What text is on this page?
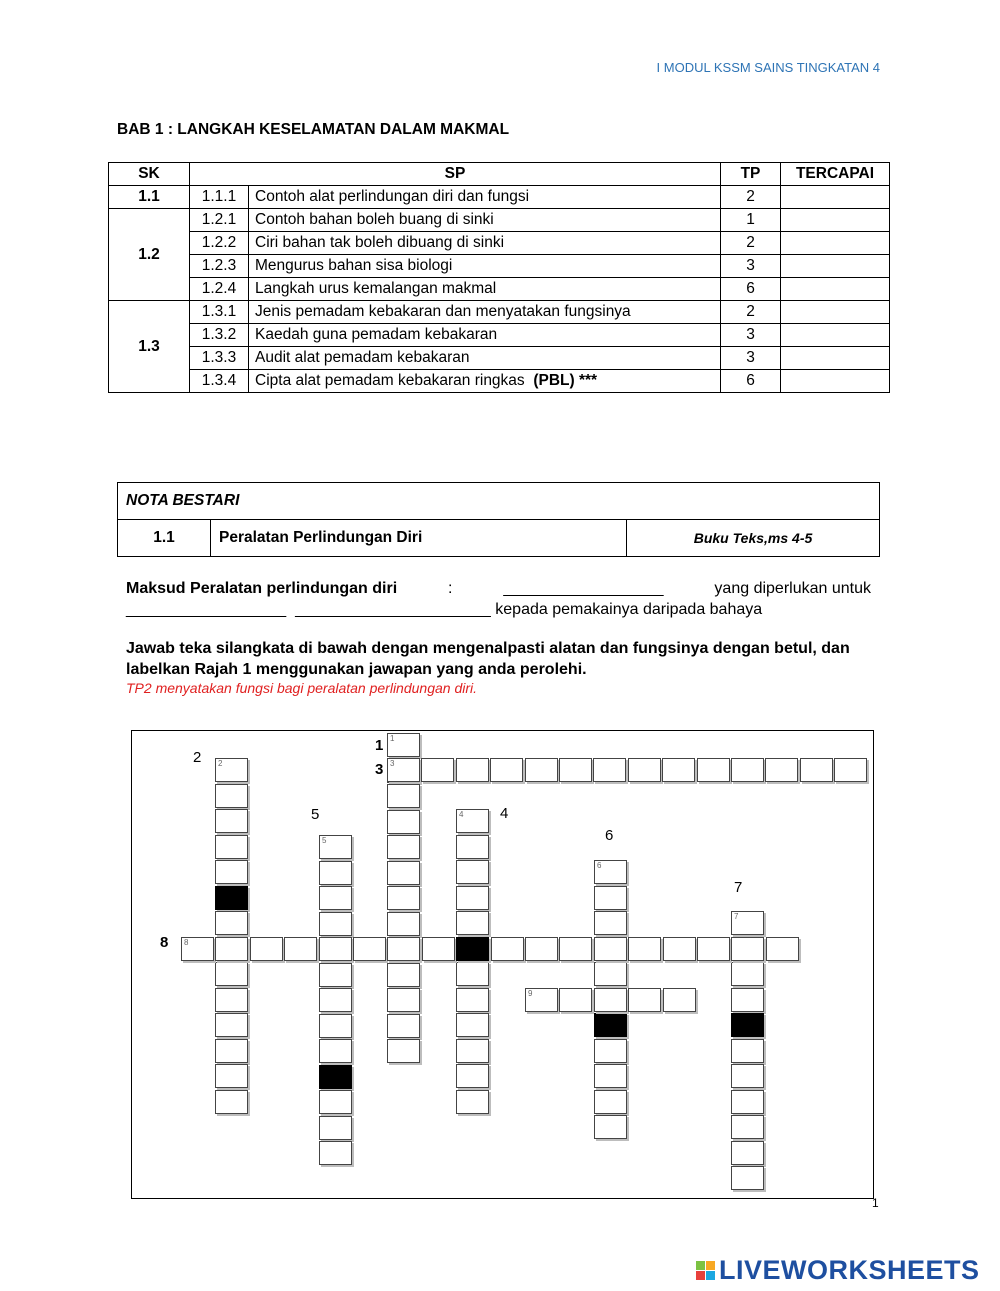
I MODUL KSSM SAINS TINGKATAN 4
BAB 1 : LANGKAH KESELAMATAN DALAM MAKMAL
SK	SP		TP	TERCAPAI
1.1	1.1.1	Contoh alat perlindungan diri dan fungsi	2	
1.2	1.2.1	Contoh bahan boleh buang di sinki	1	
	1.2.2	Ciri bahan tak boleh dibuang di sinki	2	
	1.2.3	Mengurus bahan sisa biologi	3	
	1.2.4	Langkah urus kemalangan makmal	6	
1.3	1.3.1	Jenis pemadam kebakaran dan menyatakan fungsinya	2	
	1.3.2	Kaedah guna pemadam kebakaran	3	
	1.3.3	Audit alat pemadam kebakaran	3	
	1.3.4	Cipta alat pemadam kebakaran ringkas (PBL) ***	6	
NOTA BESTARI
1.1	Peralatan Perlindungan Diri	Buku Teks,ms 4-5
Maksud Peralatan perlindungan diri	:	__________________	yang diperlukan untuk
__________________ ______________________ kepada pemakainya daripada bahaya
Jawab teka silangkata di bawah dengan mengenalpasti alatan dan fungsinya dengan betul, dan labelkan Rajah 1 menggunakan jawapan yang anda perolehi.
TP2 menyatakan fungsi bagi peralatan perlindungan diri.
1
3
2
5
4
6
7
8
9
1
2
3
4
5
6
7
8
1
LIVEWORKSHEETS
